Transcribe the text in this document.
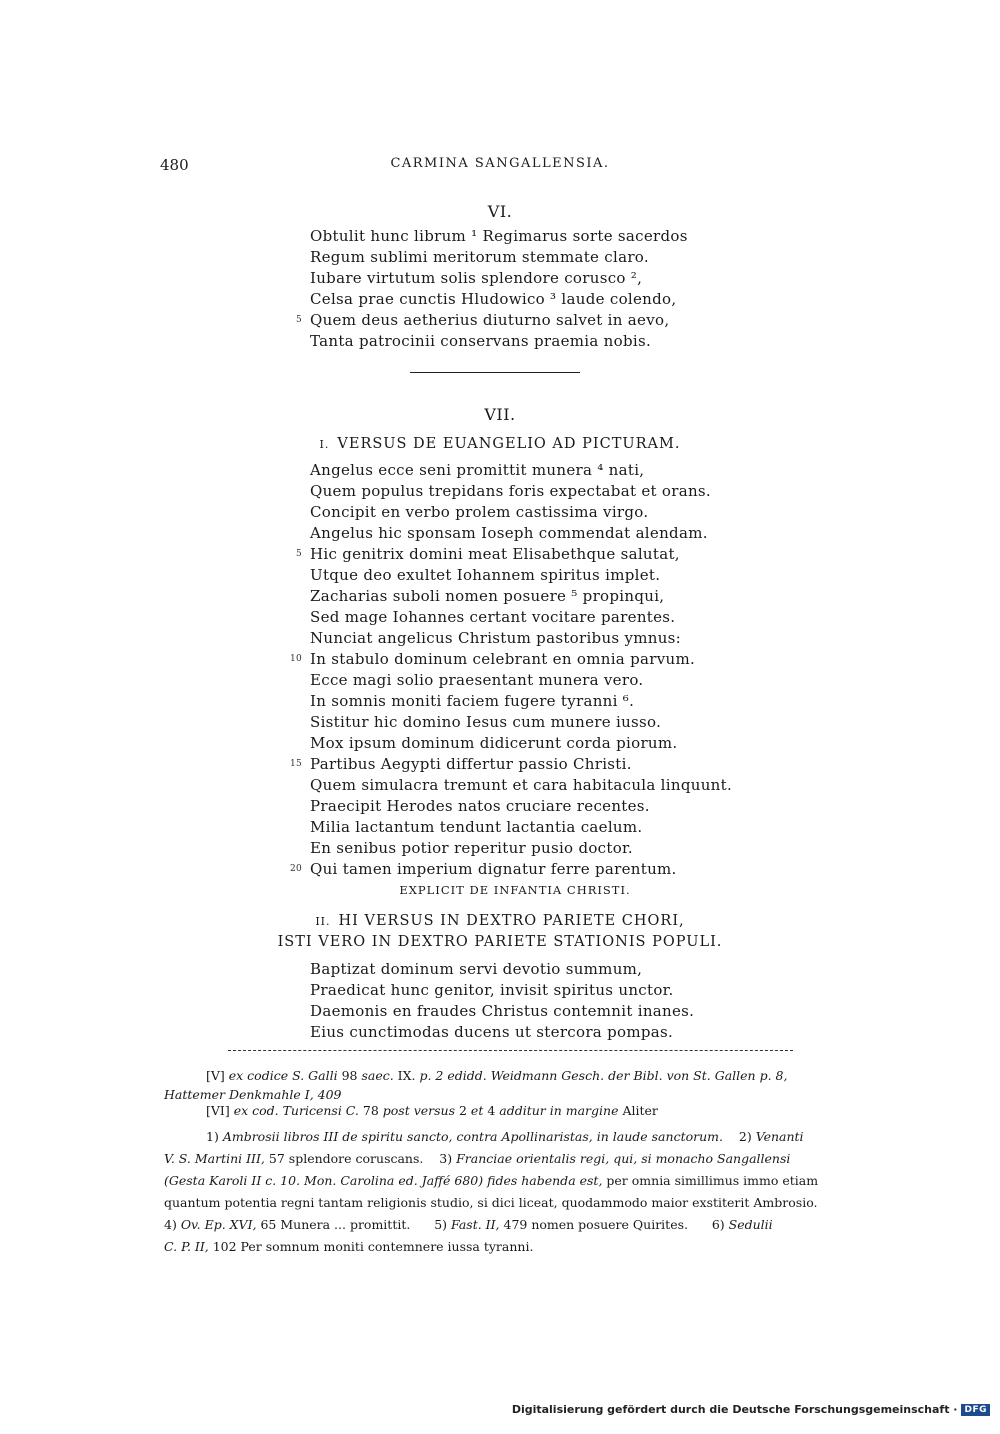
480	CARMINA SANGALLENSIA.
VI.
Obtulit hunc librum ¹ Regimarus sorte sacerdos
Regum sublimi meritorum stemmate claro.
Iubare virtutum solis splendore corusco ²,
Celsa prae cunctis Hludowico ³ laude colendo,
5 Quem deus aetherius diuturno salvet in aevo,
Tanta patrocinii conservans praemia nobis.
VII.
I. VERSUS DE EUANGELIO AD PICTURAM.
Angelus ecce seni promittit munera ⁴ nati,
Quem populus trepidans foris expectabat et orans.
Concipit en verbo prolem castissima virgo.
Angelus hic sponsam Ioseph commendat alendam.
5 Hic genitrix domini meat Elisabethque salutat,
Utque deo exultet Iohannem spiritus implet.
Zacharias suboli nomen posuere ⁵ propinqui,
Sed mage Iohannes certant vocitare parentes.
Nunciat angelicus Christum pastoribus ymnus:
10 In stabulo dominum celebrant en omnia parvum.
Ecce magi solio praesentant munera vero.
In somnis moniti faciem fugere tyranni ⁶.
Sistitur hic domino Iesus cum munere iusso.
Mox ipsum dominum didicerunt corda piorum.
15 Partibus Aegypti differtur passio Christi.
Quem simulacra tremunt et cara habitacula linquunt.
Praecipit Herodes natos cruciare recentes.
Milia lactantum tendunt lactantia caelum.
En senibus potior reperitur pusio doctor.
20 Qui tamen imperium dignatur ferre parentum.
EXPLICIT DE INFANTIA CHRISTI.
II. HI VERSUS IN DEXTRO PARIETE CHORI,
ISTI VERO IN DEXTRO PARIETE STATIONIS POPULI.
Baptizat dominum servi devotio summum,
Praedicat hunc genitor, invisit spiritus unctor.
Daemonis en fraudes Christus contemnit inanes.
Eius cunctimodas ducens ut stercora pompas.
[V] ex codice S. Galli 98 saec. IX. p. 2 edidd. Weidmann Gesch. der Bibl. von St. Gallen p. 8,
Hattemer Denkmahle I, 409
[VI] ex cod. Turicensi C. 78 post versus 2 et 4 additur in margine Aliter

1) Ambrosii libros III de spiritu sancto, contra Apollinaristas, in laude sanctorum. 2) Venanti

V. S. Martini III, 57 splendore coruscans. 3) Franciae orientalis regi, qui, si monacho Sangallensi

(Gesta Karoli II c. 10. Mon. Carolina ed. Jaffé 680) fides habenda est, per omnia simillimus immo etiam

quantum potentia regni tantam religionis studio, si dici liceat, quodammodo maior exstiterit Ambrosio.

4) Ov. Ep. XVI, 65 Munera ... promittit. 5) Fast. II, 479 nomen posuere Quirites. 6) Sedulii

C. P. II, 102 Per somnum moniti contemnere iussa tyranni.

Digitalisierung gefördert durch die Deutsche Forschungsgemeinschaft · DFG
